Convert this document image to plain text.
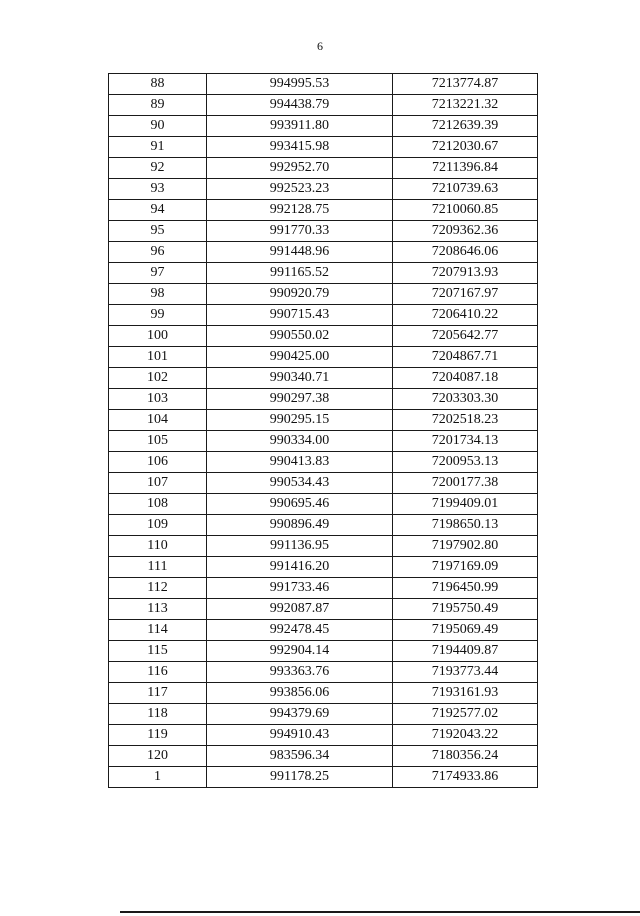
6
88	994995.53	7213774.87
89	994438.79	7213221.32
90	993911.80	7212639.39
91	993415.98	7212030.67
92	992952.70	7211396.84
93	992523.23	7210739.63
94	992128.75	7210060.85
95	991770.33	7209362.36
96	991448.96	7208646.06
97	991165.52	7207913.93
98	990920.79	7207167.97
99	990715.43	7206410.22
100	990550.02	7205642.77
101	990425.00	7204867.71
102	990340.71	7204087.18
103	990297.38	7203303.30
104	990295.15	7202518.23
105	990334.00	7201734.13
106	990413.83	7200953.13
107	990534.43	7200177.38
108	990695.46	7199409.01
109	990896.49	7198650.13
110	991136.95	7197902.80
111	991416.20	7197169.09
112	991733.46	7196450.99
113	992087.87	7195750.49
114	992478.45	7195069.49
115	992904.14	7194409.87
116	993363.76	7193773.44
117	993856.06	7193161.93
118	994379.69	7192577.02
119	994910.43	7192043.22
120	983596.34	7180356.24
1	991178.25	7174933.86
